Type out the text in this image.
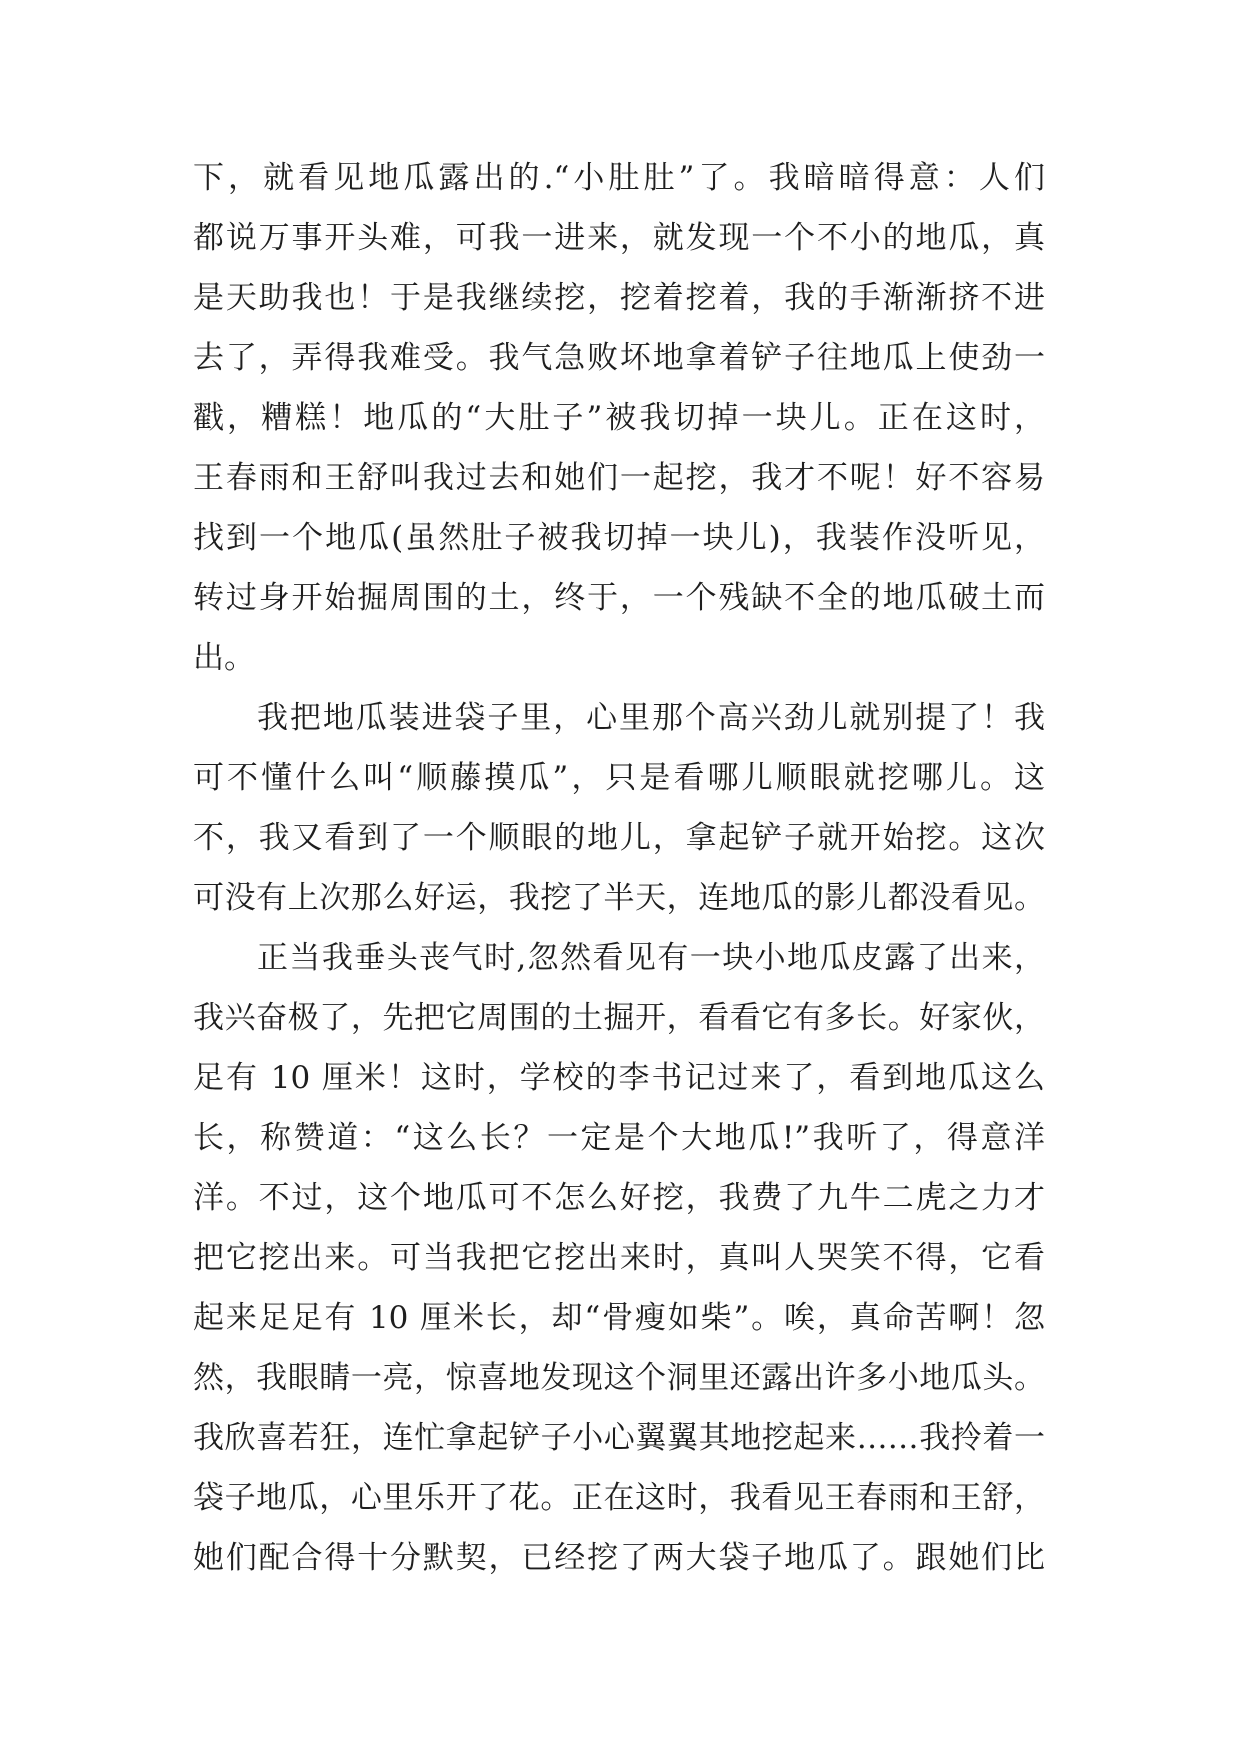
下，就看见地瓜露出的.“小肚肚”了。我暗暗得意：人们
都说万事开头难，可我一进来，就发现一个不小的地瓜，真
是天助我也！于是我继续挖，挖着挖着，我的手渐渐挤不进
去了，弄得我难受。我气急败坏地拿着铲子往地瓜上使劲一
戳，糟糕！地瓜的“大肚子”被我切掉一块儿。正在这时，
王春雨和王舒叫我过去和她们一起挖，我才不呢！好不容易
找到一个地瓜(虽然肚子被我切掉一块儿)，我装作没听见，
转过身开始掘周围的土，终于，一个残缺不全的地瓜破土而
出。
我把地瓜装进袋子里，心里那个高兴劲儿就别提了！我
可不懂什么叫“顺藤摸瓜”，只是看哪儿顺眼就挖哪儿。这
不，我又看到了一个顺眼的地儿，拿起铲子就开始挖。这次
可没有上次那么好运，我挖了半天，连地瓜的影儿都没看见。
正当我垂头丧气时,忽然看见有一块小地瓜皮露了出来，
我兴奋极了，先把它周围的土掘开，看看它有多长。好家伙，
足有 10 厘米！这时，学校的李书记过来了，看到地瓜这么
长，称赞道：“这么长？一定是个大地瓜!”我听了，得意洋
洋。不过，这个地瓜可不怎么好挖，我费了九牛二虎之力才
把它挖出来。可当我把它挖出来时，真叫人哭笑不得，它看
起来足足有 10 厘米长，却“骨瘦如柴”。唉，真命苦啊！忽
然，我眼睛一亮，惊喜地发现这个洞里还露出许多小地瓜头。
我欣喜若狂，连忙拿起铲子小心翼翼其地挖起来……我拎着一
袋子地瓜，心里乐开了花。正在这时，我看见王春雨和王舒，
她们配合得十分默契，已经挖了两大袋子地瓜了。跟她们比
